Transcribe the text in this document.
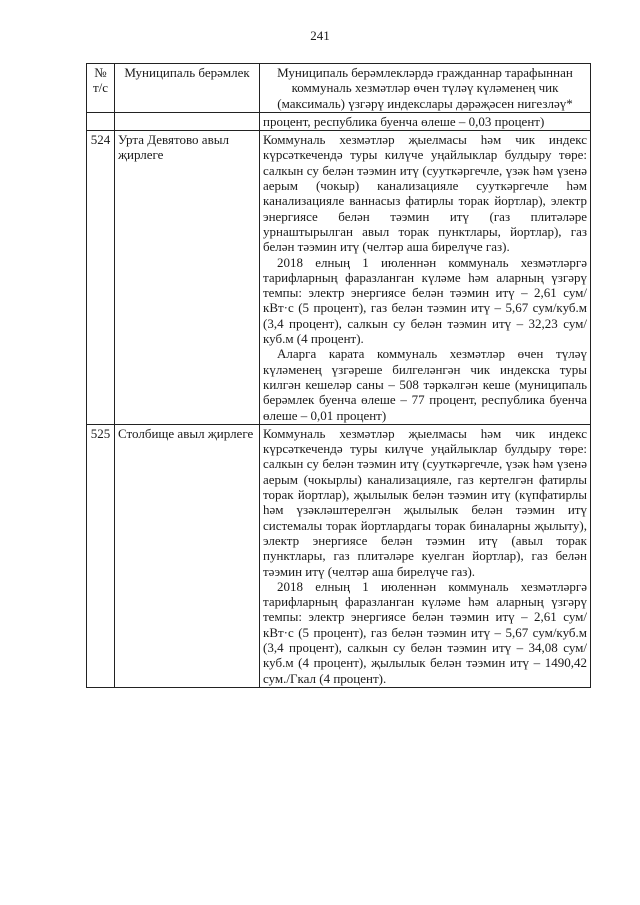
241
№ т/с	Муниципаль берәмлек	Муниципаль берәмлекләрдә гражданнар тарафыннан коммуналь хезмәтләр өчен түләү күләменең чик (максималь) үзгәрү индекслары дәрәҗәсен нигезләү*

		процент, республика буенча өлеше – 0,03 процент)

524	Урта Девятово авыл җирлеге	Коммуналь хезмәтләр җыелмасы һәм чик индекс күрсәткечендә туры килүче уңайлыклар булдыру төре: салкын су белән тәэмин итү (сууткәргечле, үзәк һәм үзенә аерым (чокыр) канализацияле сууткәргечле һәм канализацияле ваннасыз фатирлы торак йортлар), электр энергиясе белән тәэмин итү (газ плитәләре урнаштырылган авыл торак пунктлары, йортлар), газ белән тәэмин итү (челтәр аша бирелүче газ).

2018 елның 1 июленнән коммуналь хезмәтләргә тарифларның фаразланган күләме һәм аларның үзгәрү темпы: электр энергиясе белән тәэмин итү – 2,61 сум/кВт·с (5 процент), газ белән тәэмин итү – 5,67 сум/куб.м (3,4 процент), салкын су белән тәэмин итү – 32,23 сум/куб.м (4 процент).

Аларга карата коммуналь хезмәтләр өчен түләү күләменең үзгәреше билгеләнгән чик индекска туры килгән кешеләр саны – 508 тәркәлгән кеше (муниципаль берәмлек буенча өлеше – 77 процент, республика буенча өлеше – 0,01 процент)

525	Столбище авыл җирлеге	Коммуналь хезмәтләр җыелмасы һәм чик индекс күрсәткечендә туры килүче уңайлыклар булдыру төре: салкын су белән тәэмин итү (сууткәргечле, үзәк һәм үзенә аерым (чокырлы) канализацияле, газ кертелгән фатирлы торак йортлар), җылылык белән тәэмин итү (күпфатирлы һәм үзәкләштерелгән җылылык белән тәэмин итү системалы торак йортлардагы торак биналарны җылыту), электр энергиясе белән тәэмин итү (авыл торак пунктлары, газ плитәләре куелган йортлар), газ белән тәэмин итү (челтәр аша бирелүче газ).

2018 елның 1 июленнән коммуналь хезмәтләргә тарифларның фаразланган күләме һәм аларның үзгәрү темпы: электр энергиясе белән тәэмин итү – 2,61 сум/кВт·с (5 процент), газ белән тәэмин итү – 5,67 сум/куб.м (3,4 процент), салкын су белән тәэмин итү – 34,08 сум/куб.м (4 процент), җылылык белән тәэмин итү – 1490,42 сум./Гкал (4 процент).
